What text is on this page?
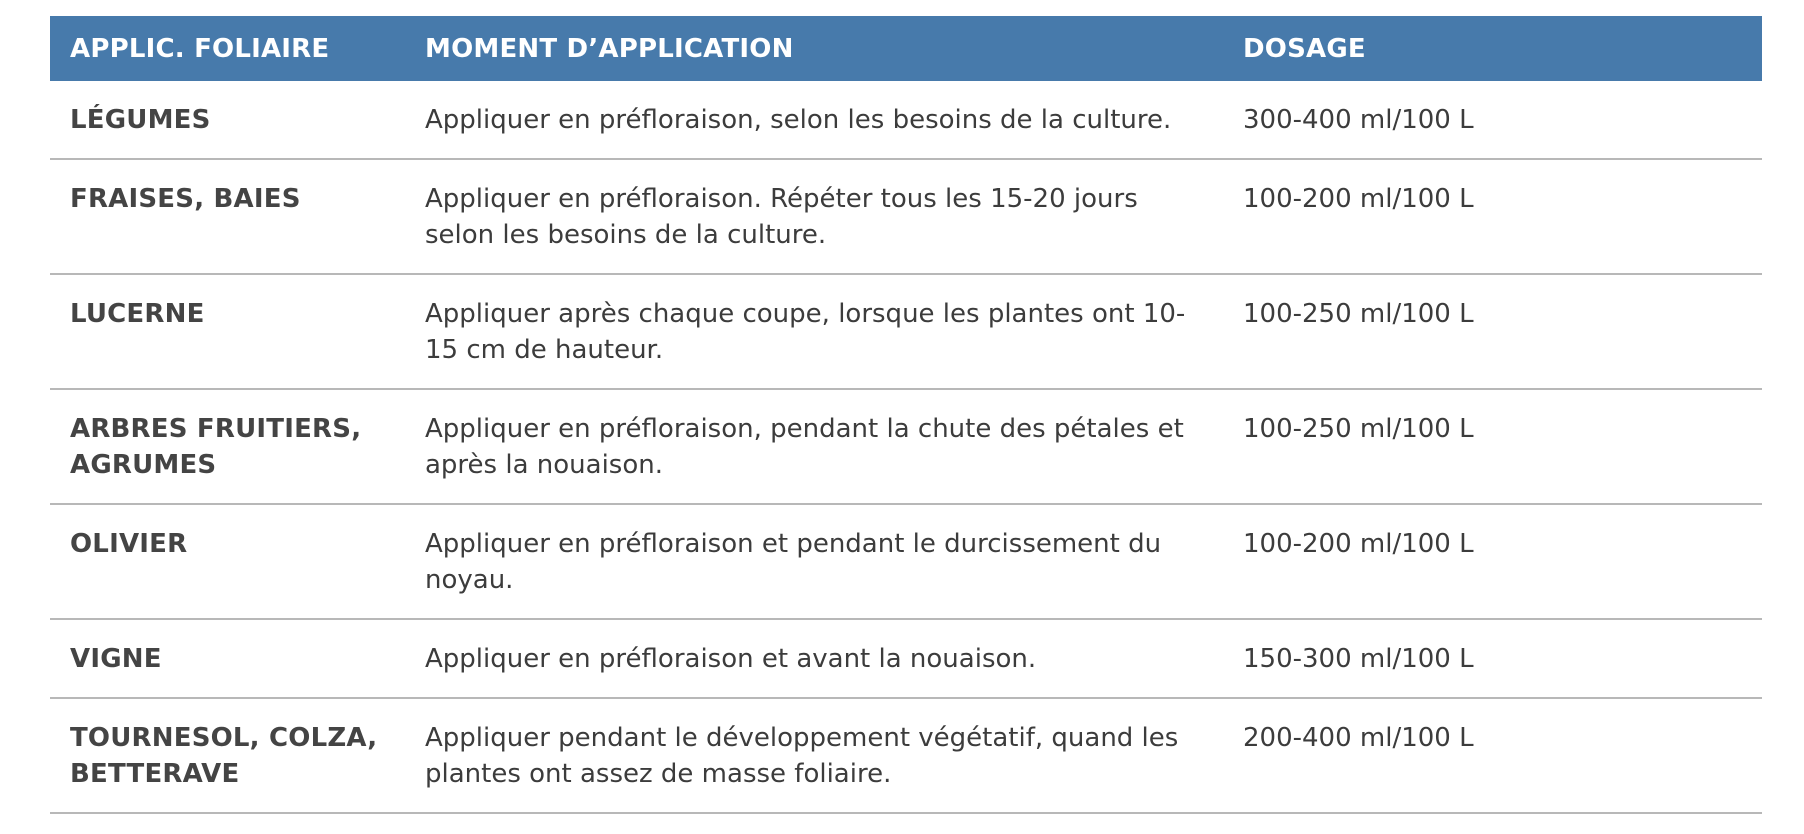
APPLIC. FOLIAIRE	MOMENT D’APPLICATION	DOSAGE
LÉGUMES	Appliquer en préfloraison, selon les besoins de la culture.	300-400 ml/100 L
FRAISES, BAIES	Appliquer en préfloraison. Répéter tous les 15-20 jours selon les besoins de la culture.	100-200 ml/100 L
LUCERNE	Appliquer après chaque coupe, lorsque les plantes ont 10-15 cm de hauteur.	100-250 ml/100 L
ARBRES FRUITIERS, AGRUMES	Appliquer en préfloraison, pendant la chute des pétales et après la nouaison.	100-250 ml/100 L
OLIVIER	Appliquer en préfloraison et pendant le durcissement du noyau.	100-200 ml/100 L
VIGNE	Appliquer en préfloraison et avant la nouaison.	150-300 ml/100 L
TOURNESOL, COLZA, BETTERAVE	Appliquer pendant le développement végétatif, quand les plantes ont assez de masse foliaire.	200-400 ml/100 L
